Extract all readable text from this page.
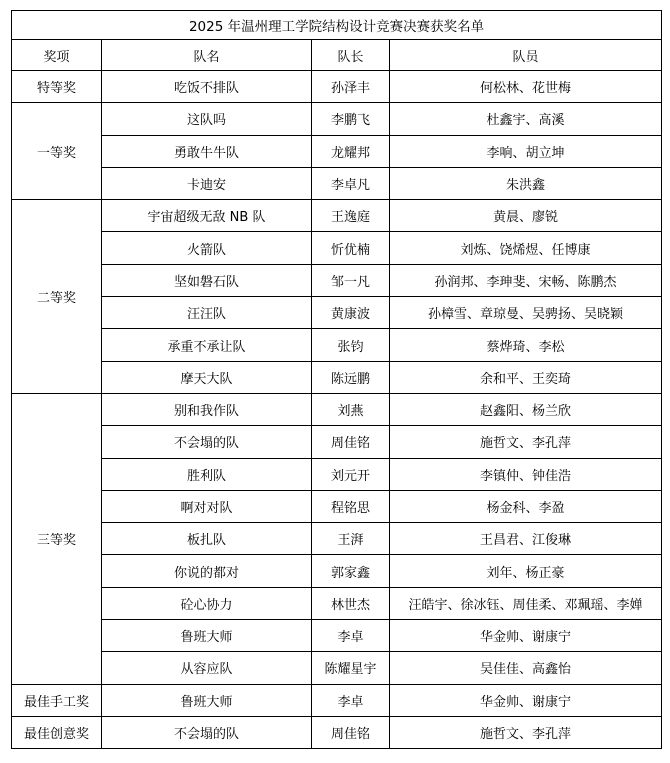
2025 年温州理工学院结构设计竞赛决赛获奖名单			
奖项	队名	队长	队员
特等奖	吃饭不排队	孙泽丰	何松林、花世梅
一等奖	这队吗	李鹏飞	杜鑫宇、高溪
	勇敢牛牛队	龙耀邦	李响、胡立坤
	卡迪安	李卓凡	朱洪鑫
二等奖	宇宙超级无敌 NB 队	王逸庭	黄晨、廖锐
	火箭队	忻优楠	刘炼、饶烯煜、任博康
	坚如磐石队	邹一凡	孙润邦、李珅斐、宋畅、陈鹏杰
	汪汪队	黄康波	孙樟雪、章琼曼、吴骋扬、吴晓颖
	承重不承让队	张钧	蔡烨琦、李松
	摩天大队	陈远鹏	余和平、王奕琦
三等奖	别和我作队	刘燕	赵鑫阳、杨兰欣
	不会塌的队	周佳铭	施哲文、李孔萍
	胜利队	刘元开	李镇仲、钟佳浩
	啊对对队	程铭思	杨金科、李盈
	板扎队	王湃	王昌君、江俊琳
	你说的都对	郭家鑫	刘年、杨正豪
	砼心协力	林世杰	汪皓宇、徐冰钰、周佳柔、邓珮瑶、李婵
	鲁班大师	李卓	华金帅、谢康宁
	从容应队	陈耀星宇	吴佳佳、高鑫怡
最佳手工奖	鲁班大师	李卓	华金帅、谢康宁
最佳创意奖	不会塌的队	周佳铭	施哲文、李孔萍
